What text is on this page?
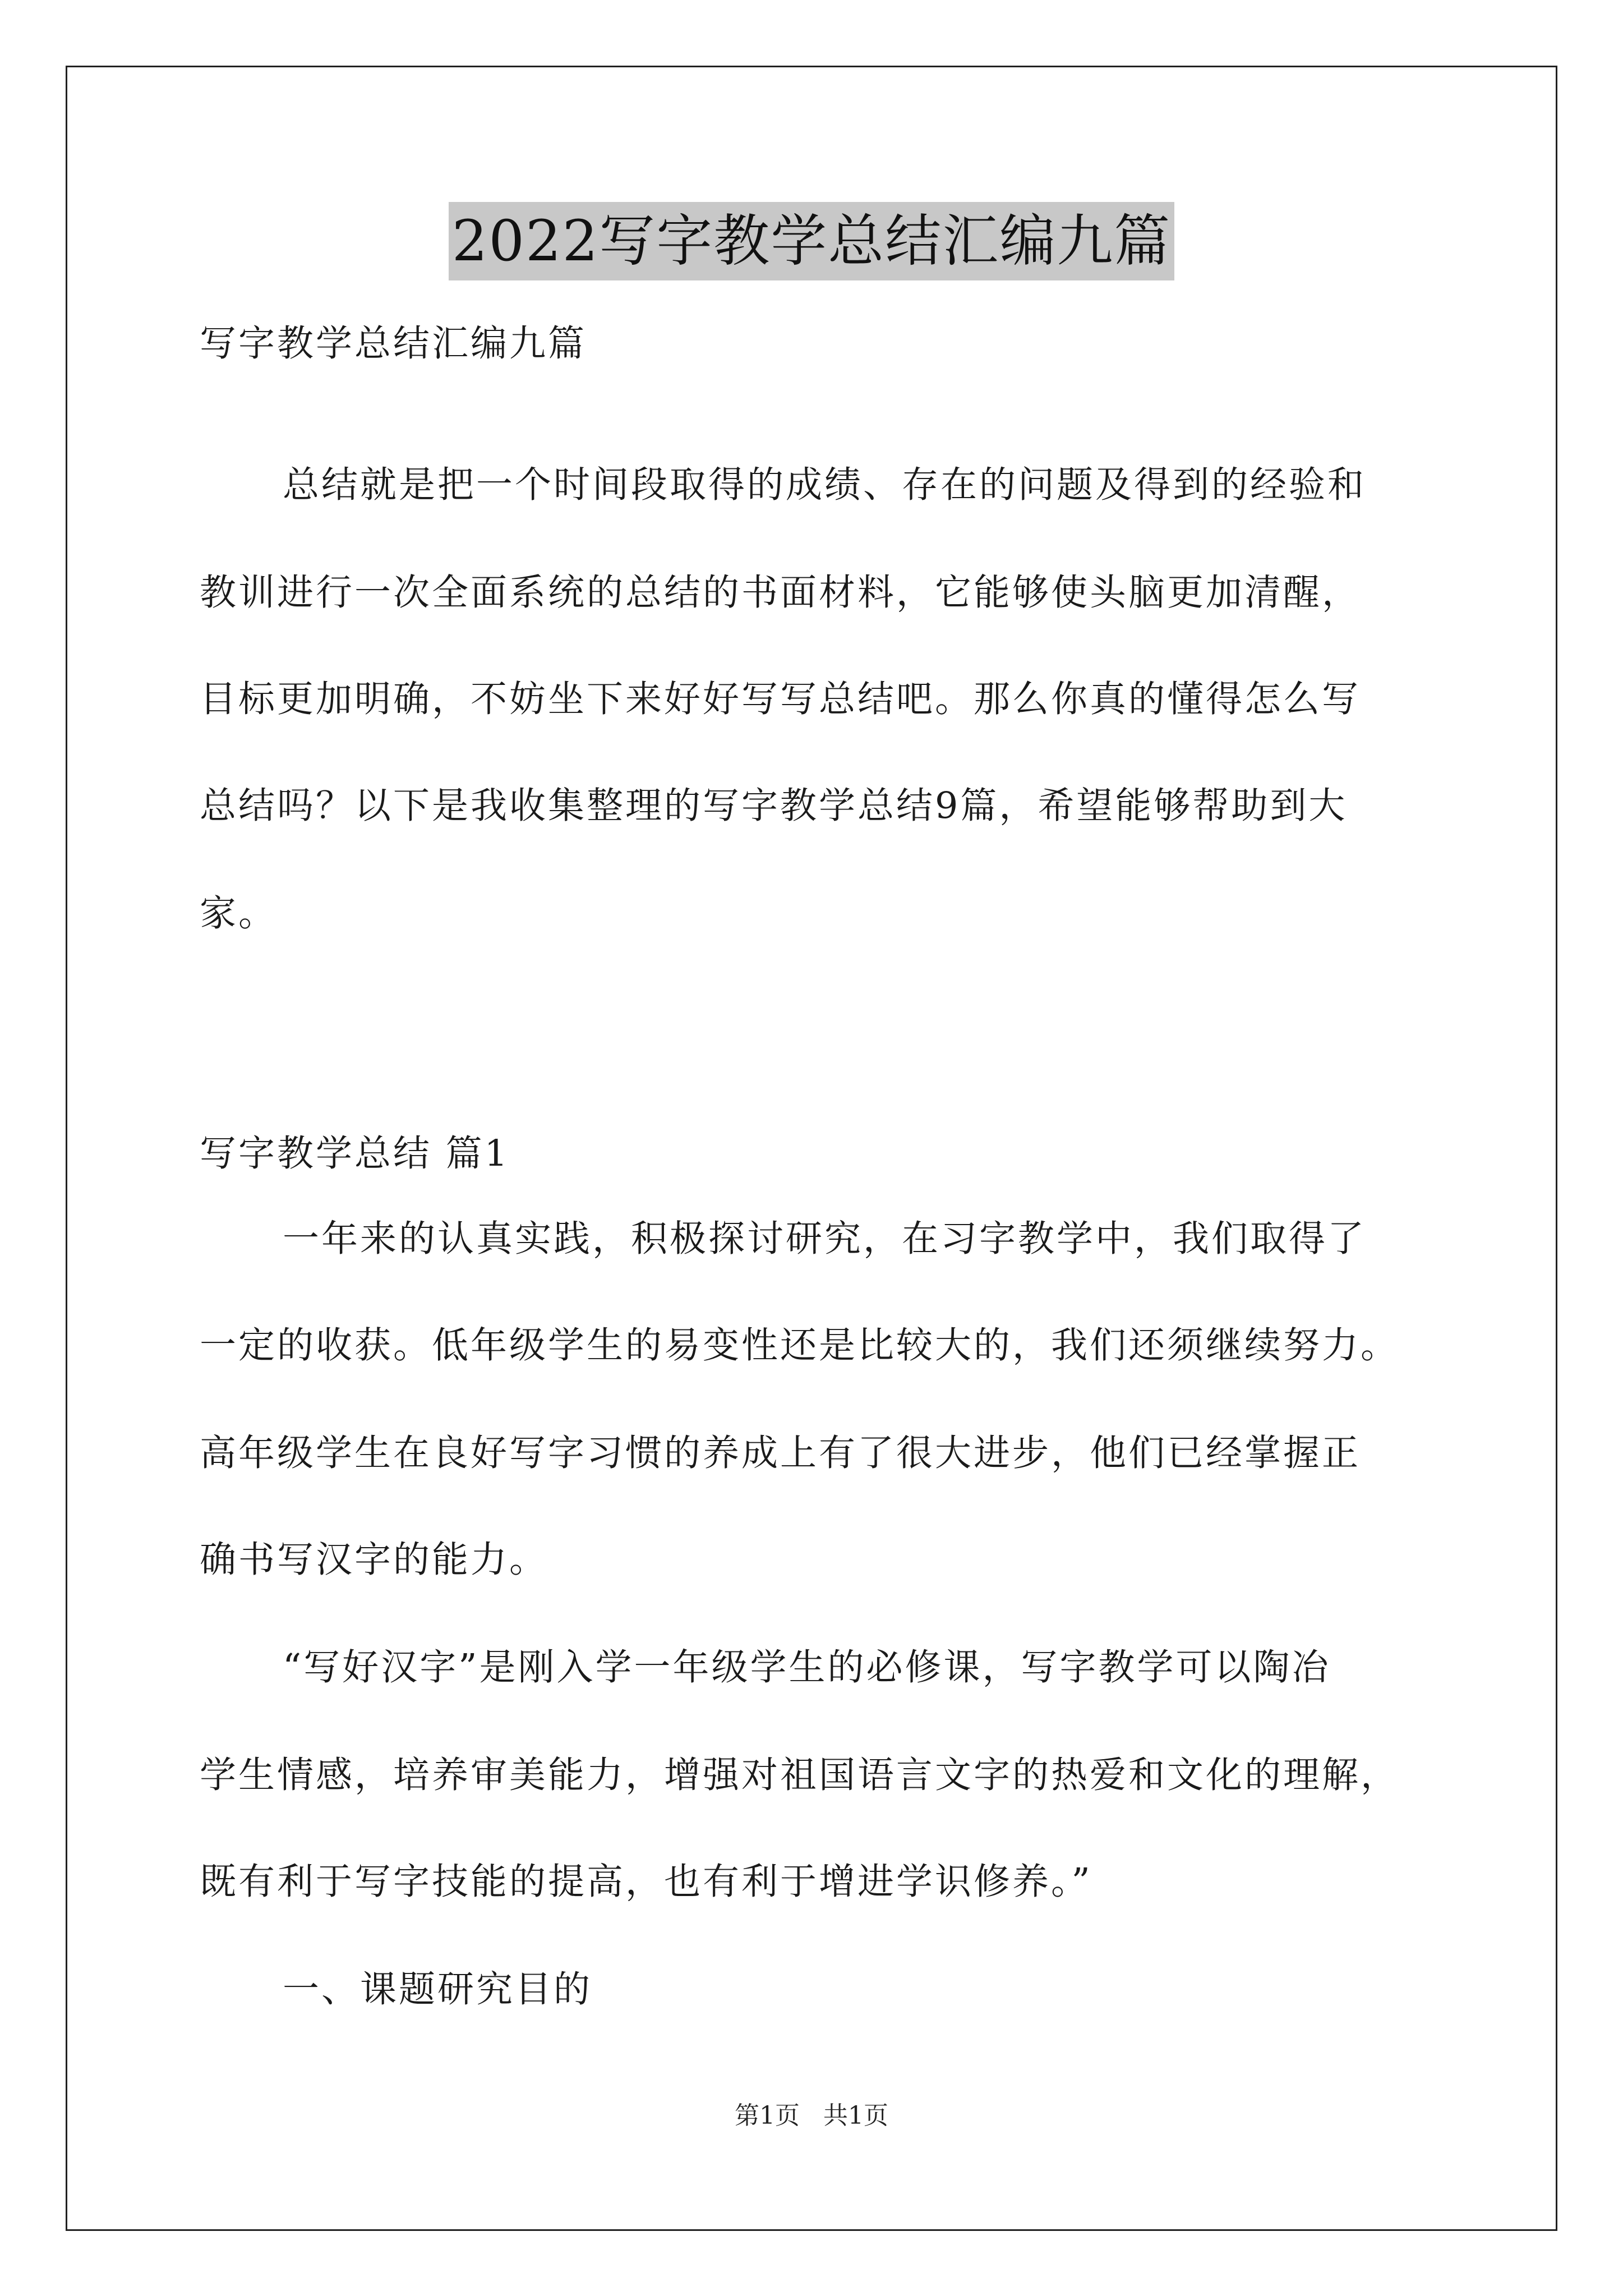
2022写字教学总结汇编九篇
写字教学总结汇编九篇
总结就是把一个时间段取得的成绩、存在的问题及得到的经验和
教训进行一次全面系统的总结的书面材料，它能够使头脑更加清醒，
目标更加明确，不妨坐下来好好写写总结吧。那么你真的懂得怎么写
总结吗？以下是我收集整理的写字教学总结9篇，希望能够帮助到大
家。
写字教学总结 篇1
一年来的认真实践，积极探讨研究，在习字教学中，我们取得了
一定的收获。低年级学生的易变性还是比较大的，我们还须继续努力。
高年级学生在良好写字习惯的养成上有了很大进步，他们已经掌握正
确书写汉字的能力。
“写好汉字”是刚入学一年级学生的必修课，写字教学可以陶冶
学生情感，培养审美能力，增强对祖国语言文字的热爱和文化的理解，
既有利于写字技能的提高，也有利于增进学识修养。”
一、课题研究目的
第1页 共1页
